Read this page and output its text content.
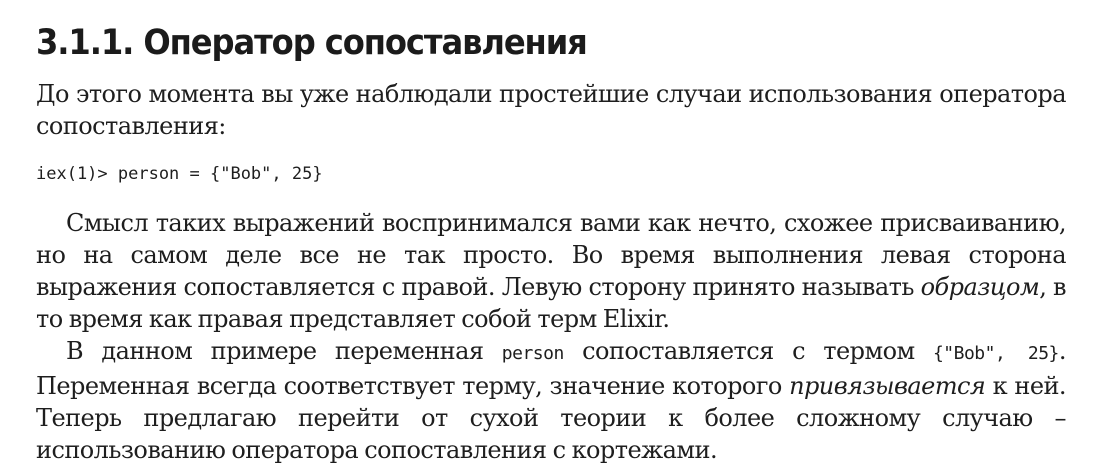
3.1.1. Оператор сопоставления

До этого момента вы уже наблюдали простейшие случаи использования оператора сопоставления:

iex(1)> person = {"Bob", 25}

Смысл таких выражений воспринимался вами как нечто, схожее присваиванию, но на самом деле все не так просто. Во время выполнения левая сторона выражения сопоставляется с правой. Левую сторону принято называть образцом, в то время как правая представляет собой терм Elixir.

В данном примере переменная person сопоставляется с термом {"Bob", 25}. Переменная всегда соответствует терму, значение которого привязывается к ней. Теперь предлагаю перейти от сухой теории к более сложному случаю – использованию оператора сопоставления с кортежами.
